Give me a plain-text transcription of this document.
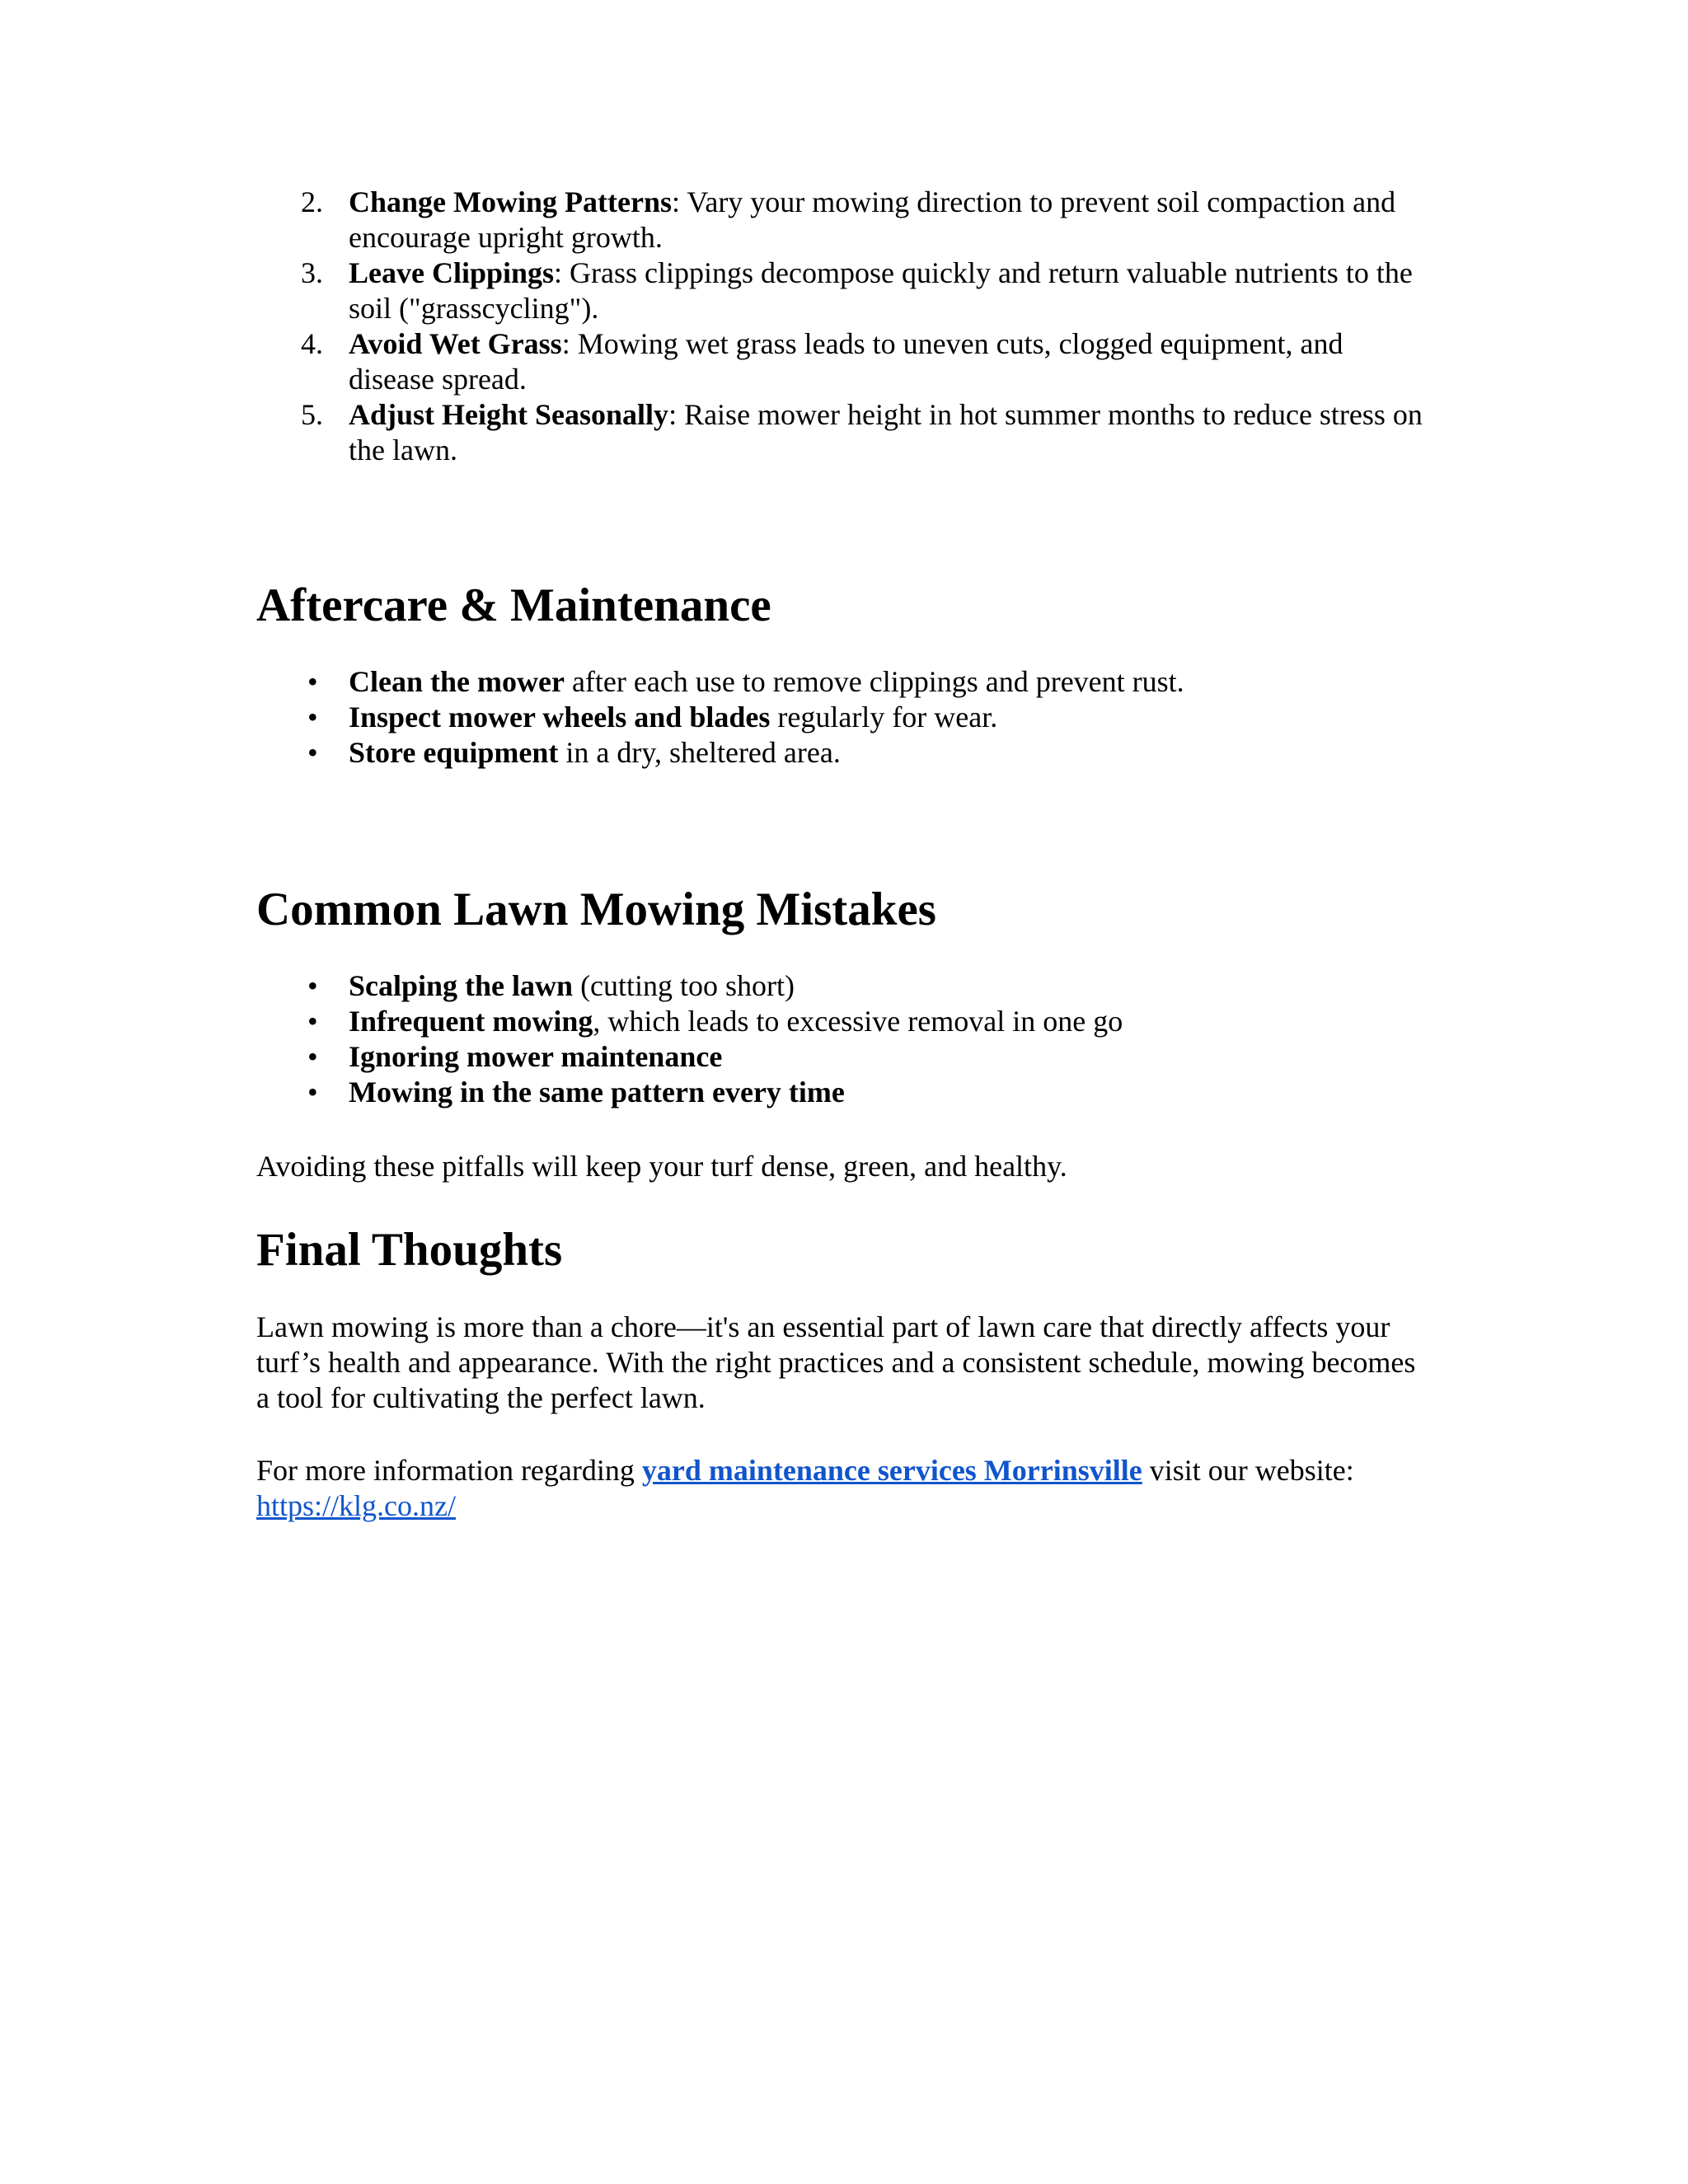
2. Change Mowing Patterns: Vary your mowing direction to prevent soil compaction and encourage upright growth.
3. Leave Clippings: Grass clippings decompose quickly and return valuable nutrients to the soil ("grasscycling").
4. Avoid Wet Grass: Mowing wet grass leads to uneven cuts, clogged equipment, and disease spread.
5. Adjust Height Seasonally: Raise mower height in hot summer months to reduce stress on the lawn.
Aftercare & Maintenance
• Clean the mower after each use to remove clippings and prevent rust.
• Inspect mower wheels and blades regularly for wear.
• Store equipment in a dry, sheltered area.
Common Lawn Mowing Mistakes
• Scalping the lawn (cutting too short)
• Infrequent mowing, which leads to excessive removal in one go
• Ignoring mower maintenance
• Mowing in the same pattern every time
Avoiding these pitfalls will keep your turf dense, green, and healthy.
Final Thoughts
Lawn mowing is more than a chore—it's an essential part of lawn care that directly affects your turf’s health and appearance. With the right practices and a consistent schedule, mowing becomes a tool for cultivating the perfect lawn.
For more information regarding yard maintenance services Morrinsville visit our website:
https://klg.co.nz/
